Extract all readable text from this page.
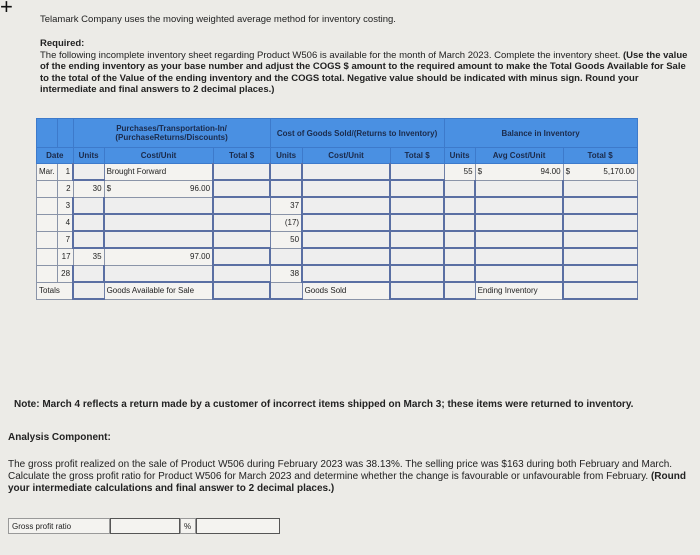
+
Telamark Company uses the moving weighted average method for inventory costing.
Required:
The following incomplete inventory sheet regarding Product W506 is available for the month of March 2023. Complete the inventory sheet. (Use the value of the ending inventory as your base number and adjust the COGS $ amount to the required amount to make the Total Goods Available for Sale to the total of the Value of the ending inventory and the COGS total. Negative value should be indicated with minus sign. Round your intermediate and final answers to 2 decimal places.)
		Purchases/Transportation-In/ (PurchaseReturns/Discounts)			Cost of Goods Sold/(Returns to Inventory)			Balance in Inventory		
Date		Units	Cost/Unit	Total $	Units	Cost/Unit	Total $	Units	Avg Cost/Unit	Total $
Mar.	1		Brought Forward					55	$ 94.00	$ 5,170.00
	2	30	$ 96.00							
	3				37					
	4				(17)					
	7				50					
	17	35	97.00							
	28				38					
Totals			Goods Available for Sale			Goods Sold			Ending Inventory	
Note: March 4 reflects a return made by a customer of incorrect items shipped on March 3; these items were returned to inventory.
Analysis Component:
The gross profit realized on the sale of Product W506 during February 2023 was 38.13%. The selling price was $163 during both February and March. Calculate the gross profit ratio for Product W506 for March 2023 and determine whether the change is favourable or unfavourable from February. (Round your intermediate calculations and final answer to 2 decimal places.)
Gross profit ratio	%
